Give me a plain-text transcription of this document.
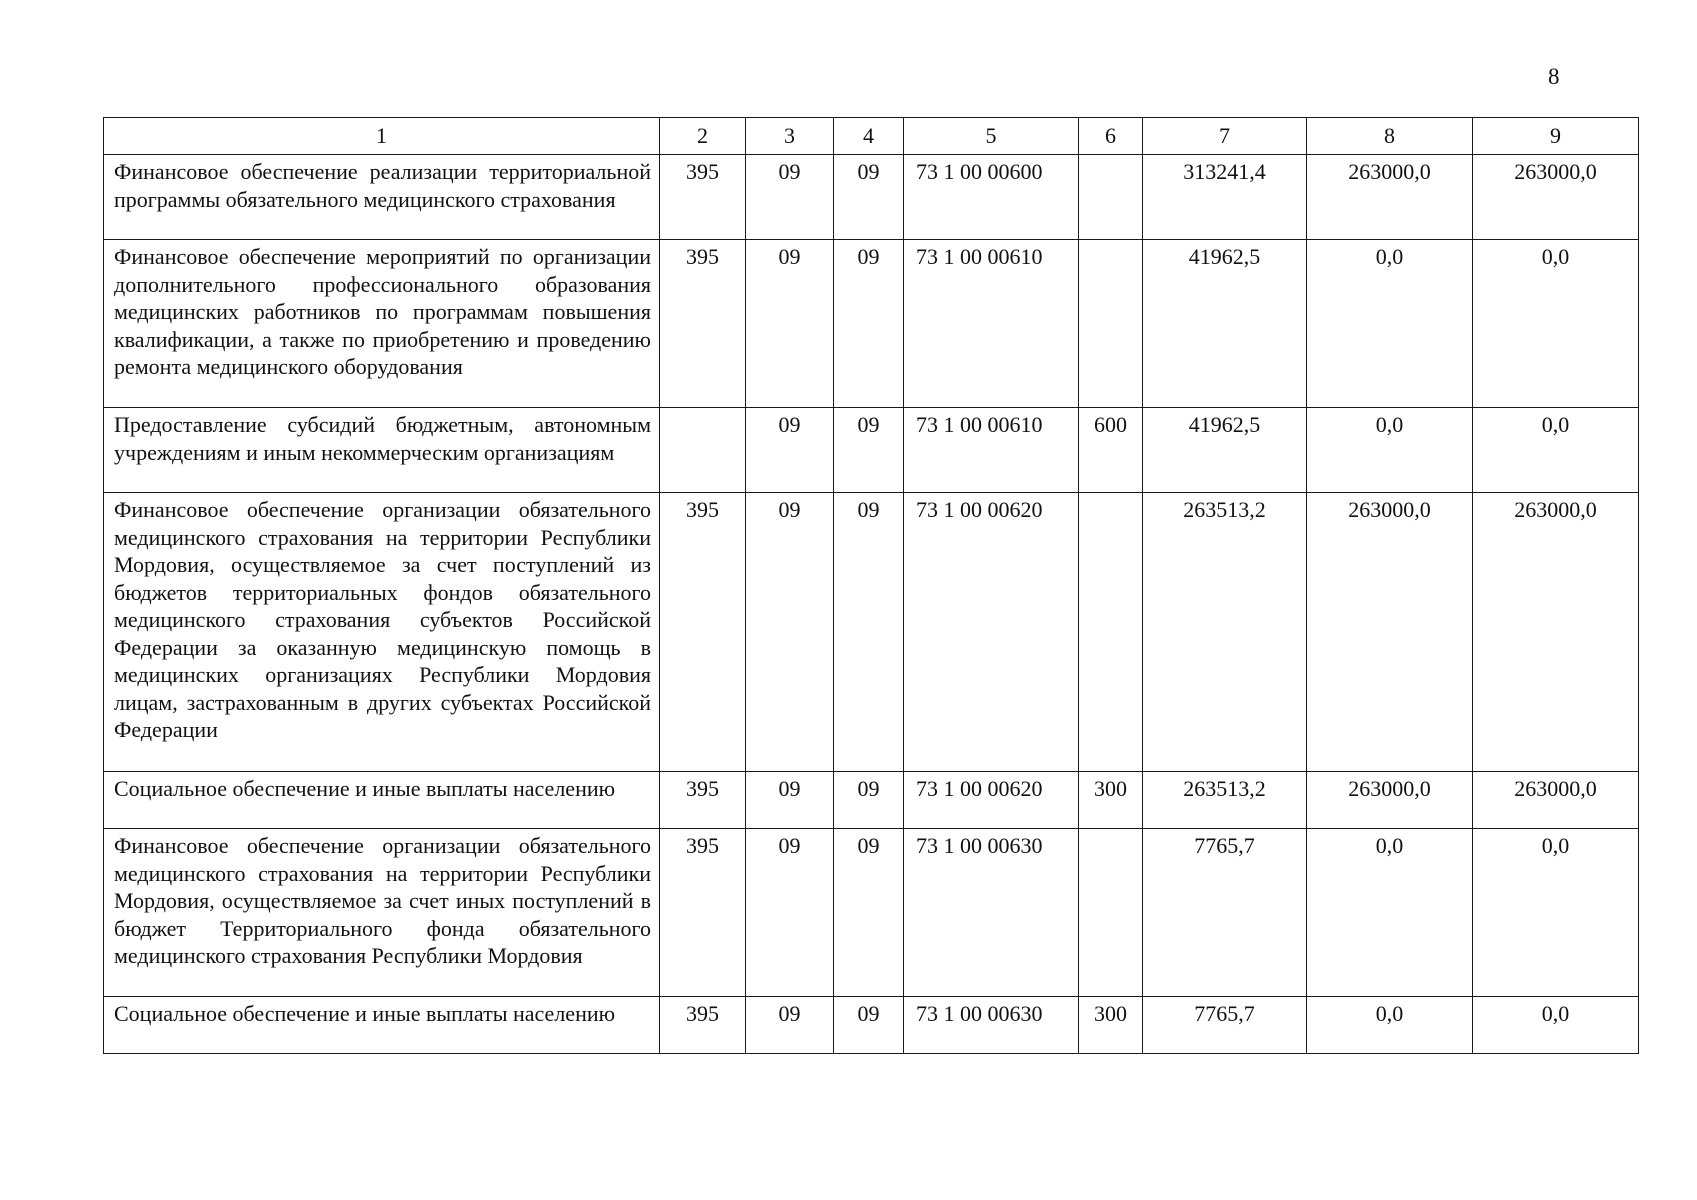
8
1	2	3	4	5	6	7	8	9
Финансовое обеспечение реализации территориальной программы обязательного медицинского страхования	395	09	09	73 1 00 00600		313241,4	263000,0	263000,0
Финансовое обеспечение мероприятий по организации дополнительного профессионального образования медицинских работников по программам повышения квалификации, а также по приобретению и проведению ремонта медицинского оборудования	395	09	09	73 1 00 00610		41962,5	0,0	0,0
Предоставление субсидий бюджетным, автономным учреждениям и иным некоммерческим организациям		09	09	73 1 00 00610	600	41962,5	0,0	0,0
Финансовое обеспечение организации обязательного медицинского страхования на территории Республики Мордовия, осуществляемое за счет поступлений из бюджетов территориальных фондов обязательного медицинского страхования субъектов Российской Федерации за оказанную медицинскую помощь в медицинских организациях Республики Мордовия лицам, застрахованным в других субъектах Российской Федерации	395	09	09	73 1 00 00620		263513,2	263000,0	263000,0
Социальное обеспечение и иные выплаты населению	395	09	09	73 1 00 00620	300	263513,2	263000,0	263000,0
Финансовое обеспечение организации обязательного медицинского страхования на территории Республики Мордовия, осуществляемое за счет иных поступлений в бюджет Территориального фонда обязательного медицинского страхования Республики Мордовия	395	09	09	73 1 00 00630		7765,7	0,0	0,0
Социальное обеспечение и иные выплаты населению	395	09	09	73 1 00 00630	300	7765,7	0,0	0,0
